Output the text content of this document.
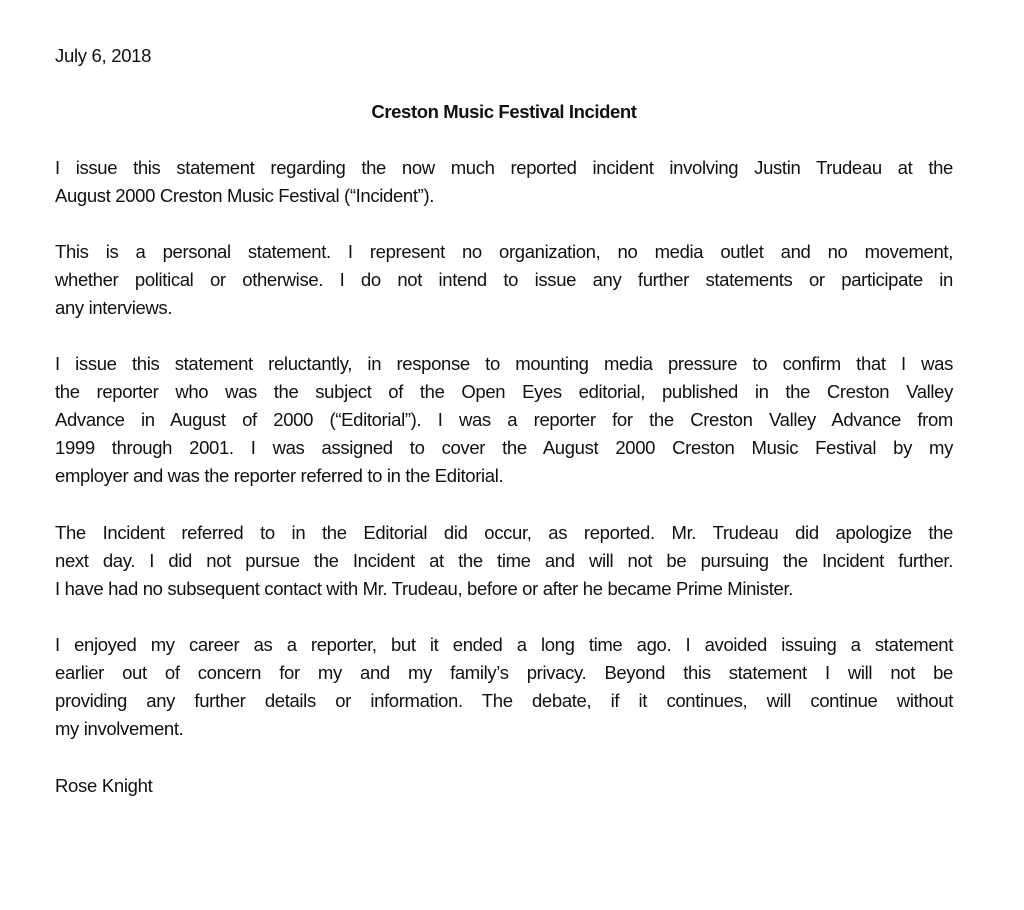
July 6, 2018
Creston Music Festival Incident
I issue this statement regarding the now much reported incident involving Justin Trudeau at the
August 2000 Creston Music Festival (“Incident”).
This is a personal statement. I represent no organization, no media outlet and no movement,
whether political or otherwise. I do not intend to issue any further statements or participate in
any interviews.
I issue this statement reluctantly, in response to mounting media pressure to confirm that I was
the reporter who was the subject of the Open Eyes editorial, published in the Creston Valley
Advance in August of 2000 (“Editorial”). I was a reporter for the Creston Valley Advance from
1999 through 2001. I was assigned to cover the August 2000 Creston Music Festival by my
employer and was the reporter referred to in the Editorial.
The Incident referred to in the Editorial did occur, as reported. Mr. Trudeau did apologize the
next day. I did not pursue the Incident at the time and will not be pursuing the Incident further.
I have had no subsequent contact with Mr. Trudeau, before or after he became Prime Minister.
I enjoyed my career as a reporter, but it ended a long time ago. I avoided issuing a statement
earlier out of concern for my and my family’s privacy. Beyond this statement I will not be
providing any further details or information. The debate, if it continues, will continue without
my involvement.
Rose Knight
